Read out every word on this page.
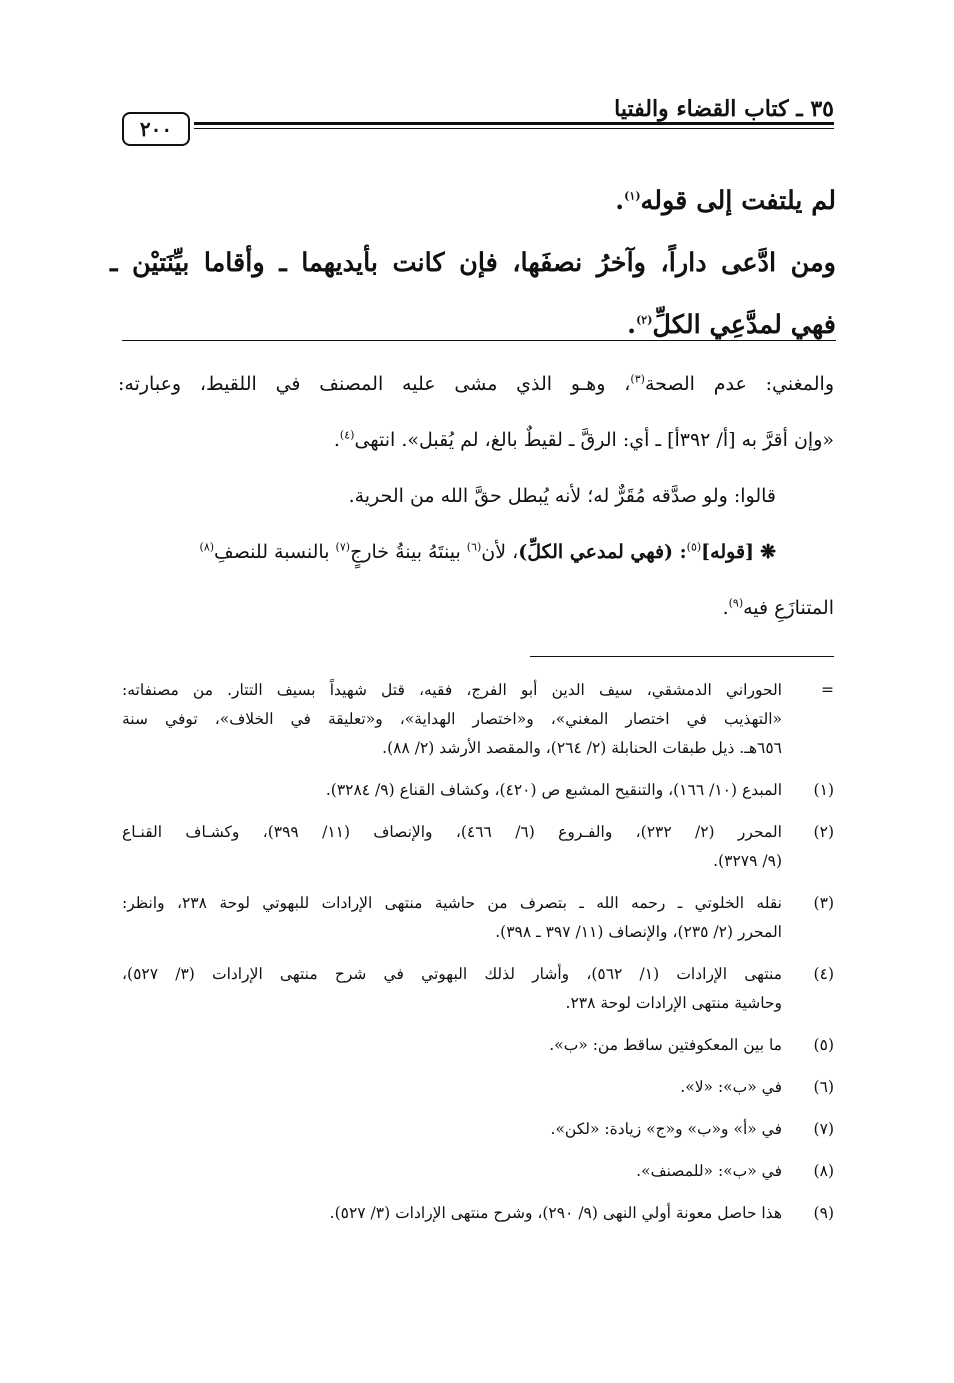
٣٥ ـ كتاب القضاء والفتيا
٢٠٠

لم يلتفت إلى قوله$^{(١)}$.

ومن ادَّعى داراً، وآخرُ نصفَها، فإن كانت بأيديهما ـ وأقاما بيِّنَتيْن ـ

فهي لمدَّعِي الكلِّ$^{(٢)}$.

والمغني: عدم الصحة$^{(٣)}$، وهـو الذي مشى عليه المصنف في اللقيط، وعبارته:

«وإن أقرَّ به [أ/ ٣٩٢أ] ـ أي: الرقَّ ـ لقيطٌ بالغ، لم يُقبل». انتهى$^{(٤)}$.

قالوا: ولو صدَّقه مُقَرٌّ له؛ لأنه يُبطل حقَّ الله من الحرية.

❋ [قوله]$^{(٥)}$: (فهي لمدعي الكلِّ)، لأن$^{(٦)}$ بينتَهُ بينةُ خارجٍ$^{(٧)}$ بالنسبة للنصفِ$^{(٨)}$

المتنازَعِ فيه$^{(٩)}$.

=
الحوراني الدمشقي، سيف الدين أبو الفرج، فقيه، قتل شهيداً بسيف التتار. من مصنفاته:
«التهذيب في اختصار المغني»، و«اختصار الهداية»، و«تعليقة في الخلاف»، توفي سنة
٦٥٦هـ. ذيل طبقات الحنابلة (٢/ ٢٦٤)، والمقصد الأرشد (٢/ ٨٨).
(١)
المبدع (١٠/ ١٦٦)، والتنقيح المشبع ص (٤٢٠)، وكشاف القناع (٩/ ٣٢٨٤).
(٢)
المحرر (٢/ ٢٣٢)، والفـروع (٦/ ٤٦٦)، والإنصاف (١١/ ٣٩٩)، وكشـاف القنـاع
(٩/ ٣٢٧٩).
(٣)
نقله الخلوتي ـ رحمه الله ـ بتصرف من حاشية منتهى الإرادات للبهوتي لوحة ٢٣٨، وانظر:
المحرر (٢/ ٢٣٥)، والإنصاف (١١/ ٣٩٧ ـ ٣٩٨).
(٤)
منتهى الإرادات (١/ ٥٦٢)، وأشار لذلك البهوتي في شرح منتهى الإرادات (٣/ ٥٢٧)،
وحاشية منتهى الإرادات لوحة ٢٣٨.
(٥)
ما بين المعكوفتين ساقط من: «ب».
(٦)
في «ب»: «لا».
(٧)
في «أ» و«ب» و«ج» زيادة: «لكن».
(٨)
في «ب»: «للمصنف».
(٩)
هذا حاصل معونة أولي النهى (٩/ ٢٩٠)، وشرح منتهى الإرادات (٣/ ٥٢٧).
